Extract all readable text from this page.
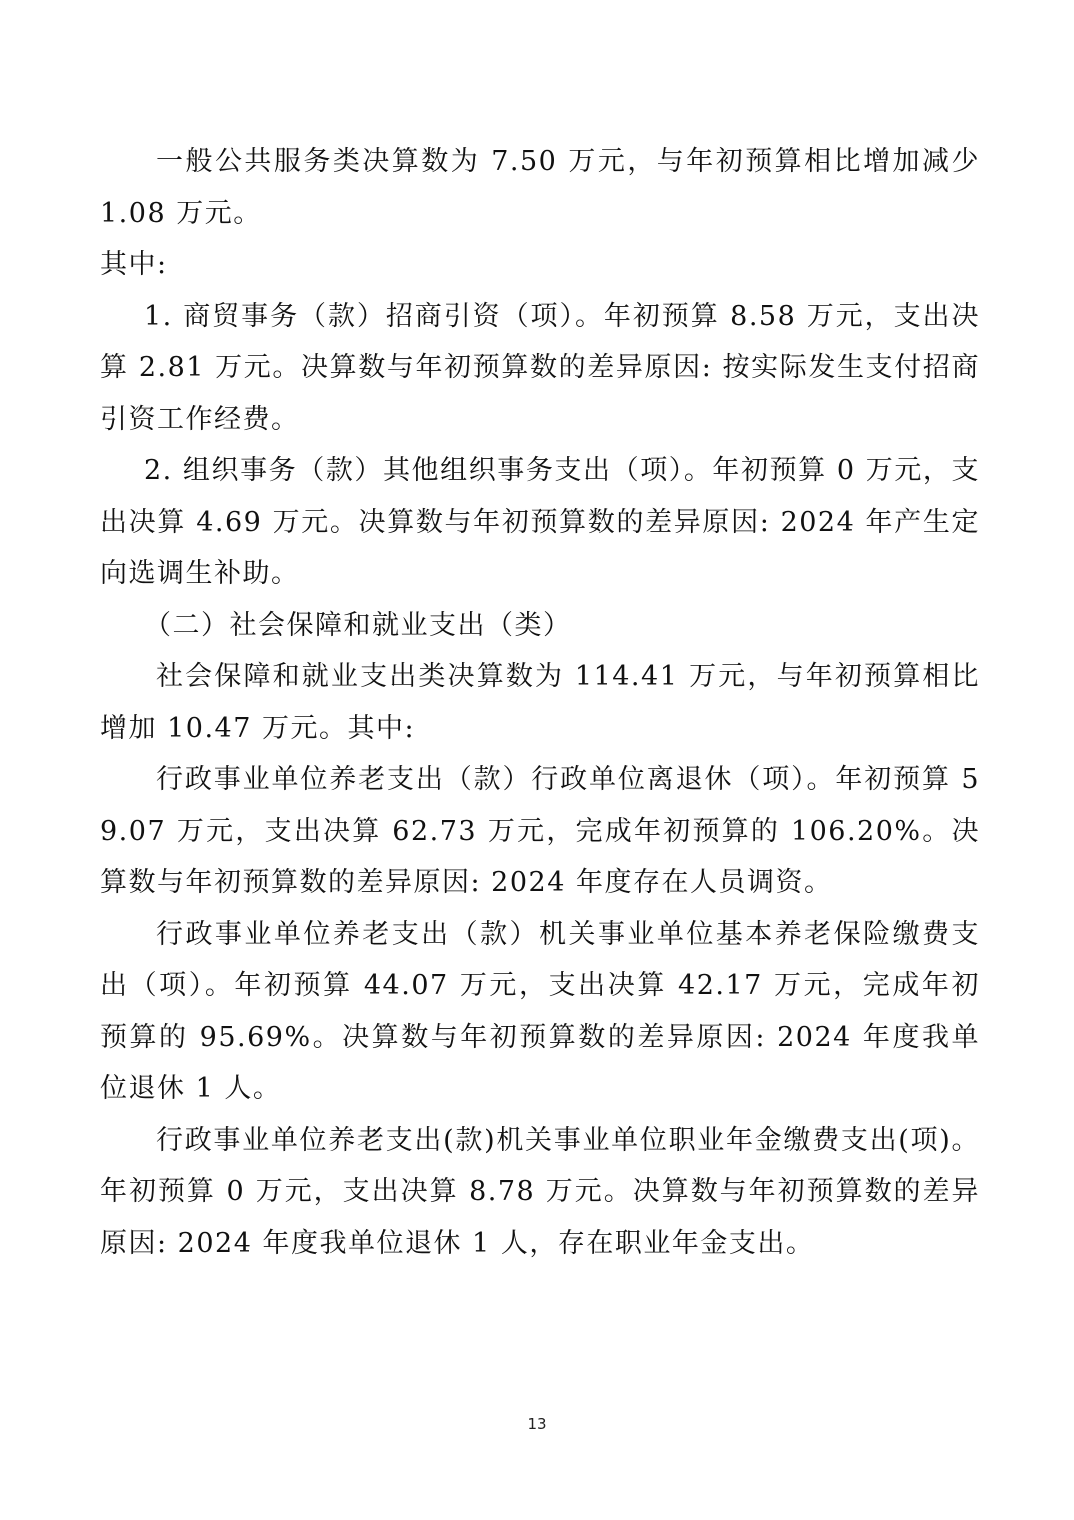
一般公共服务类决算数为 7.50 万元，与年初预算相比增加减少 1.08 万元。

其中:

1. 商贸事务（款）招商引资（项）。年初预算 8.58 万元，支出决算 2.81 万元。决算数与年初预算数的差异原因: 按实际发生支付招商引资工作经费。

2. 组织事务（款）其他组织事务支出（项）。年初预算 0 万元，支出决算 4.69 万元。决算数与年初预算数的差异原因: 2024 年产生定向选调生补助。

（二）社会保障和就业支出（类）

社会保障和就业支出类决算数为 114.41 万元，与年初预算相比增加 10.47 万元。其中:

行政事业单位养老支出（款）行政单位离退休（项）。年初预算 59.07 万元，支出决算 62.73 万元，完成年初预算的 106.20%。决算数与年初预算数的差异原因: 2024 年度存在人员调资。

行政事业单位养老支出（款）机关事业单位基本养老保险缴费支出（项）。年初预算 44.07 万元，支出决算 42.17 万元，完成年初预算的 95.69%。决算数与年初预算数的差异原因: 2024 年度我单位退休 1 人。

行政事业单位养老支出(款)机关事业单位职业年金缴费支出(项)。年初预算 0 万元，支出决算 8.78 万元。决算数与年初预算数的差异原因: 2024 年度我单位退休 1 人，存在职业年金支出。

13
